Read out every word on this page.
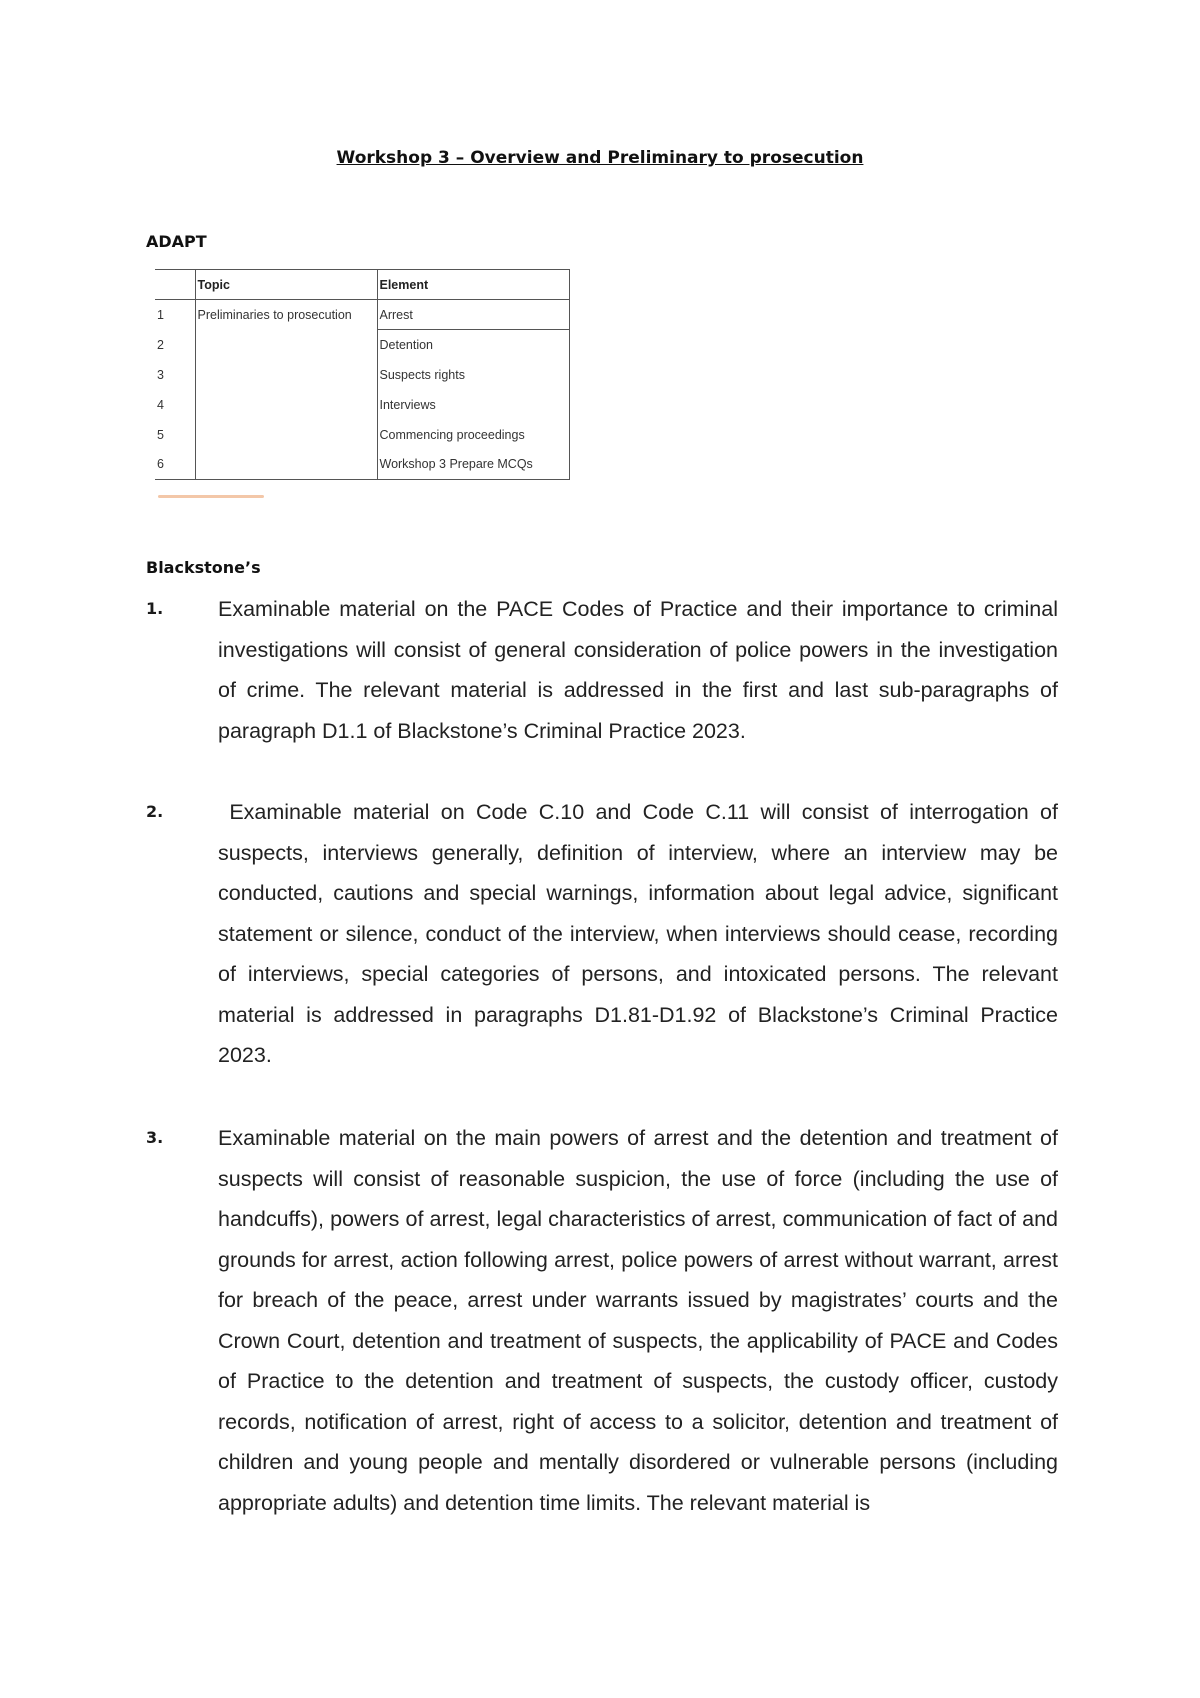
Workshop 3 – Overview and Preliminary to prosecution
ADAPT
	Topic	Element
1	Preliminaries to prosecution	Arrest
2		Detention
3		Suspects rights
4		Interviews
5		Commencing proceedings
6		Workshop 3 Prepare MCQs
Blackstone’s
1.	Examinable material on the PACE Codes of Practice and their importance to criminal investigations will consist of general consideration of police powers in the investigation of crime. The relevant material is addressed in the first and last sub-paragraphs of paragraph D1.1 of Blackstone’s Criminal Practice 2023.
2.	Examinable material on Code C.10 and Code C.11 will consist of interrogation of suspects, interviews generally, definition of interview, where an interview may be conducted, cautions and special warnings, information about legal advice, significant statement or silence, conduct of the interview, when interviews should cease, recording of interviews, special categories of persons, and intoxicated persons. The relevant material is addressed in paragraphs D1.81-D1.92 of Blackstone’s Criminal Practice 2023.
3.	Examinable material on the main powers of arrest and the detention and treatment of suspects will consist of reasonable suspicion, the use of force (including the use of handcuffs), powers of arrest, legal characteristics of arrest, communication of fact of and grounds for arrest, action following arrest, police powers of arrest without warrant, arrest for breach of the peace, arrest under warrants issued by magistrates’ courts and the Crown Court, detention and treatment of suspects, the applicability of PACE and Codes of Practice to the detention and treatment of suspects, the custody officer, custody records, notification of arrest, right of access to a solicitor, detention and treatment of children and young people and mentally disordered or vulnerable persons (including appropriate adults) and detention time limits. The relevant material is
